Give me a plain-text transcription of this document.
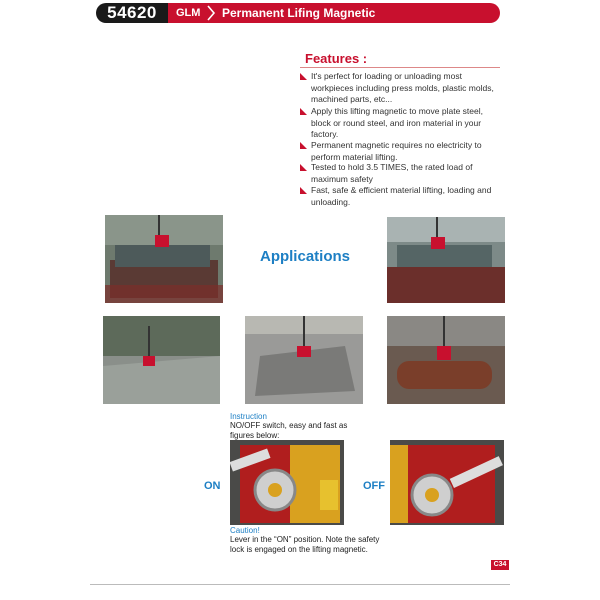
54620	GLM Permanent Lifing Magnetic
Features :
It's perfect for loading or unloading most workpieces including press molds, plastic molds, machined parts, etc...
Apply this lifting magnetic to move plate steel, block or round steel, and iron material in your factory.
Permanent magnetic requires no electricity to perform material lifting.
Tested to hold 3.5 TIMES, the rated load of maximum safety
Fast, safe & efficient material lifting, loading and unloading.
Applications
Instruction
NO/OFF switch, easy and fast as figures below:
ON	OFF
Caution!
Lever in the “ON” position. Note the safety lock is engaged on the lifting magnetic.
C34
